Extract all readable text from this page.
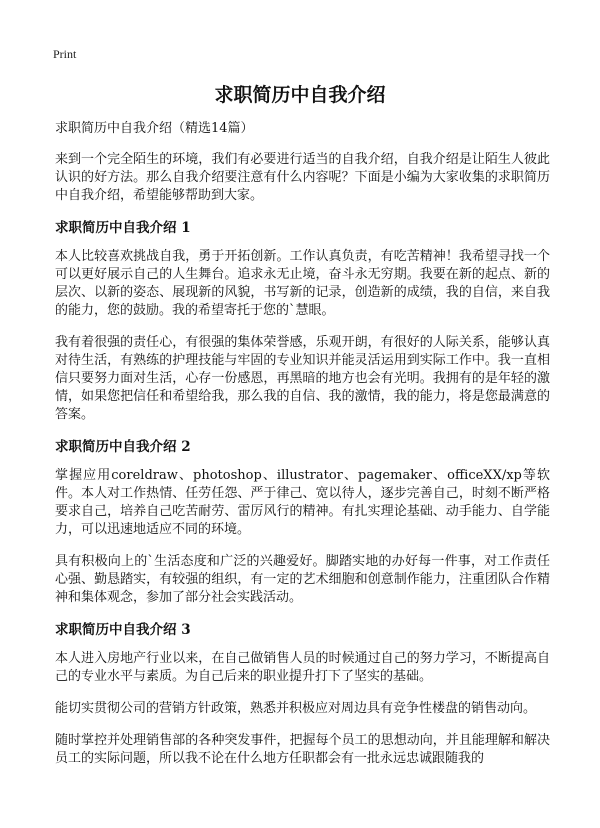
Print
求职简历中自我介绍

求职简历中自我介绍（精选14篇）

来到一个完全陌生的环境，我们有必要进行适当的自我介绍，自我介绍是让陌生人彼此认识的好方法。那么自我介绍要注意有什么内容呢？下面是小编为大家收集的求职简历中自我介绍，希望能够帮助到大家。

求职简历中自我介绍 1

本人比较喜欢挑战自我，勇于开拓创新。工作认真负责，有吃苦精神！我希望寻找一个可以更好展示自己的人生舞台。追求永无止境，奋斗永无穷期。我要在新的起点、新的层次、以新的姿态、展现新的风貌，书写新的记录，创造新的成绩，我的自信，来自我的能力，您的鼓励。我的希望寄托于您的`慧眼。

我有着很强的责任心，有很强的集体荣誉感，乐观开朗，有很好的人际关系，能够认真对待生活，有熟练的护理技能与牢固的专业知识并能灵活运用到实际工作中。我一直相信只要努力面对生活，心存一份感恩，再黑暗的地方也会有光明。我拥有的是年轻的激情，如果您把信任和希望给我，那么我的自信、我的激情，我的能力，将是您最满意的答案。

求职简历中自我介绍 2

掌握应用coreldraw、photoshop、illustrator、pagemaker、officeXX/xp等软件。本人对工作热情、任劳任怨、严于律己、宽以待人，逐步完善自己，时刻不断严格要求自己，培养自己吃苦耐劳、雷厉风行的精神。有扎实理论基础、动手能力、自学能力，可以迅速地适应不同的环境。

具有积极向上的`生活态度和广泛的兴趣爱好。脚踏实地的办好每一件事，对工作责任心强、勤恳踏实，有较强的组织，有一定的艺术细胞和创意制作能力，注重团队合作精神和集体观念，参加了部分社会实践活动。

求职简历中自我介绍 3

本人进入房地产行业以来，在自己做销售人员的时候通过自己的努力学习，不断提高自己的专业水平与素质。为自己后来的职业提升打下了坚实的基础。

能切实贯彻公司的营销方针政策，熟悉并积极应对周边具有竞争性楼盘的销售动向。

随时掌控并处理销售部的各种突发事件，把握每个员工的思想动向，并且能理解和解决员工的实际问题，所以我不论在什么地方任职都会有一批永远忠诚跟随我的
